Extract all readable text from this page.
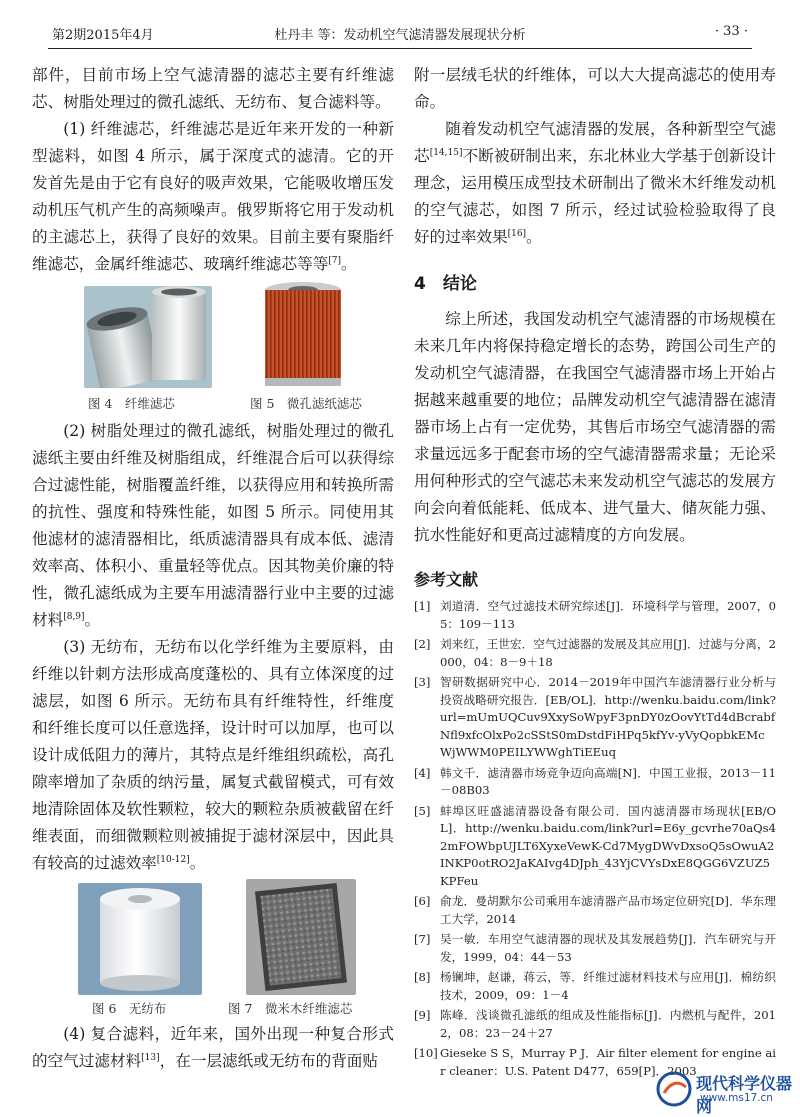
第2期2015年4月	杜丹丰 等：发动机空气滤清器发展现状分析	· 33 ·

部件，目前市场上空气滤清器的滤芯主要有纤维滤芯、树脂处理过的微孔滤纸、无纺布、复合滤料等。

(1) 纤维滤芯，纤维滤芯是近年来开发的一种新型滤料，如图 4 所示，属于深度式的滤清。它的开发首先是由于它有良好的吸声效果，它能吸收增压发动机压气机产生的高频噪声。俄罗斯将它用于发动机的主滤芯上，获得了良好的效果。目前主要有聚脂纤维滤芯，金属纤维滤芯、玻璃纤维滤芯等等[7]。

图 4　纤维滤芯	图 5　微孔滤纸滤芯

(2) 树脂处理过的微孔滤纸，树脂处理过的微孔滤纸主要由纤维及树脂组成，纤维混合后可以获得综合过滤性能，树脂覆盖纤维，以获得应用和转换所需的抗性、强度和特殊性能，如图 5 所示。同使用其他滤材的滤清器相比，纸质滤清器具有成本低、滤清效率高、体积小、重量轻等优点。因其物美价廉的特性，微孔滤纸成为主要车用滤清器行业中主要的过滤材料[8,9]。

(3) 无纺布，无纺布以化学纤维为主要原料，由纤维以针刺方法形成高度蓬松的、具有立体深度的过滤层，如图 6 所示。无纺布具有纤维特性，纤维度和纤维长度可以任意选择，设计时可以加厚，也可以设计成低阻力的薄片，其特点是纤维组织疏松，高孔隙率增加了杂质的纳污量，属复式截留模式，可有效地清除固体及软性颗粒，较大的颗粒杂质被截留在纤维表面，而细微颗粒则被捕捉于滤材深层中，因此具有较高的过滤效率[10-12]。

图 6　无纺布	图 7　微米木纤维滤芯

(4) 复合滤料，近年来，国外出现一种复合形式的空气过滤材料[13]，在一层滤纸或无纺布的背面贴

附一层绒毛状的纤维体，可以大大提高滤芯的使用寿命。

随着发动机空气滤清器的发展，各种新型空气滤芯[14,15]不断被研制出来，东北林业大学基于创新设计理念，运用模压成型技术研制出了微米木纤维发动机的空气滤芯，如图 7 所示，经过试验检验取得了良好的过率效果[16]。

4　结论

综上所述，我国发动机空气滤清器的市场规模在未来几年内将保持稳定增长的态势，跨国公司生产的发动机空气滤清器，在我国空气滤清器市场上开始占据越来越重要的地位；品牌发动机空气滤清器在滤清器市场上占有一定优势，其售后市场空气滤清器的需求量远远多于配套市场的空气滤清器需求量；无论采用何种形式的空气滤芯未来发动机空气滤芯的发展方向会向着低能耗、低成本、进气量大、储灰能力强、抗水性能好和更高过滤精度的方向发展。

参考文献
[1] 刘道清．空气过滤技术研究综述[J]．环境科学与管理，2007，05：109－113
[2] 刘来红，王世宏．空气过滤器的发展及其应用[J]．过滤与分离，2000，04：8－9＋18
[3] 智研数据研究中心．2014－2019年中国汽车滤清器行业分析与投资战略研究报告．[EB/OL]．http://wenku.baidu.com/link?url=mUmUQCuv9XxySoWpyF3pnDY0zOovYtTd4dBcrabfNfl9xfcOlxPo2cSStS0mDstdFiHPq5kfYv-yVyQopbkEMcWjWWM0PEILYWWghTiEEuq
[4] 韩文千．滤清器市场竞争迈向高端[N]．中国工业报，2013－11－08B03
[5] 蚌埠区旺盛滤清器设备有限公司．国内滤清器市场现状[EB/OL]．http://wenku.baidu.com/link?url=E6y_gcvrhe70aQs42mFOWbpUJLT6XyxeVewK-Cd7MygDWvDxsoQ5sOwuA2INKP0otRO2JaKAIvg4DJph_43YjCVYsDxE8QGG6VZUZ5KPFeu
[6] 俞龙．曼胡默尔公司乘用车滤清器产品市场定位研究[D]．华东理工大学，2014
[7] 吴一敏．车用空气滤清器的现状及其发展趋势[J]．汽车研究与开发，1999，04：44－53
[8] 杨镧坤，赵谦，蒋云，等．纤维过滤材料技术与应用[J]．棉纺织技术，2009，09：1－4
[9] 陈峰．浅谈微孔滤纸的组成及性能指标[J]．内燃机与配件，2012，08：23－24＋27
[10] Gieseke S S，Murray P J．Air filter element for engine air cleaner：U.S. Patent D477，659[P]．2003
现代科学仪器网
www.ms17.cn
